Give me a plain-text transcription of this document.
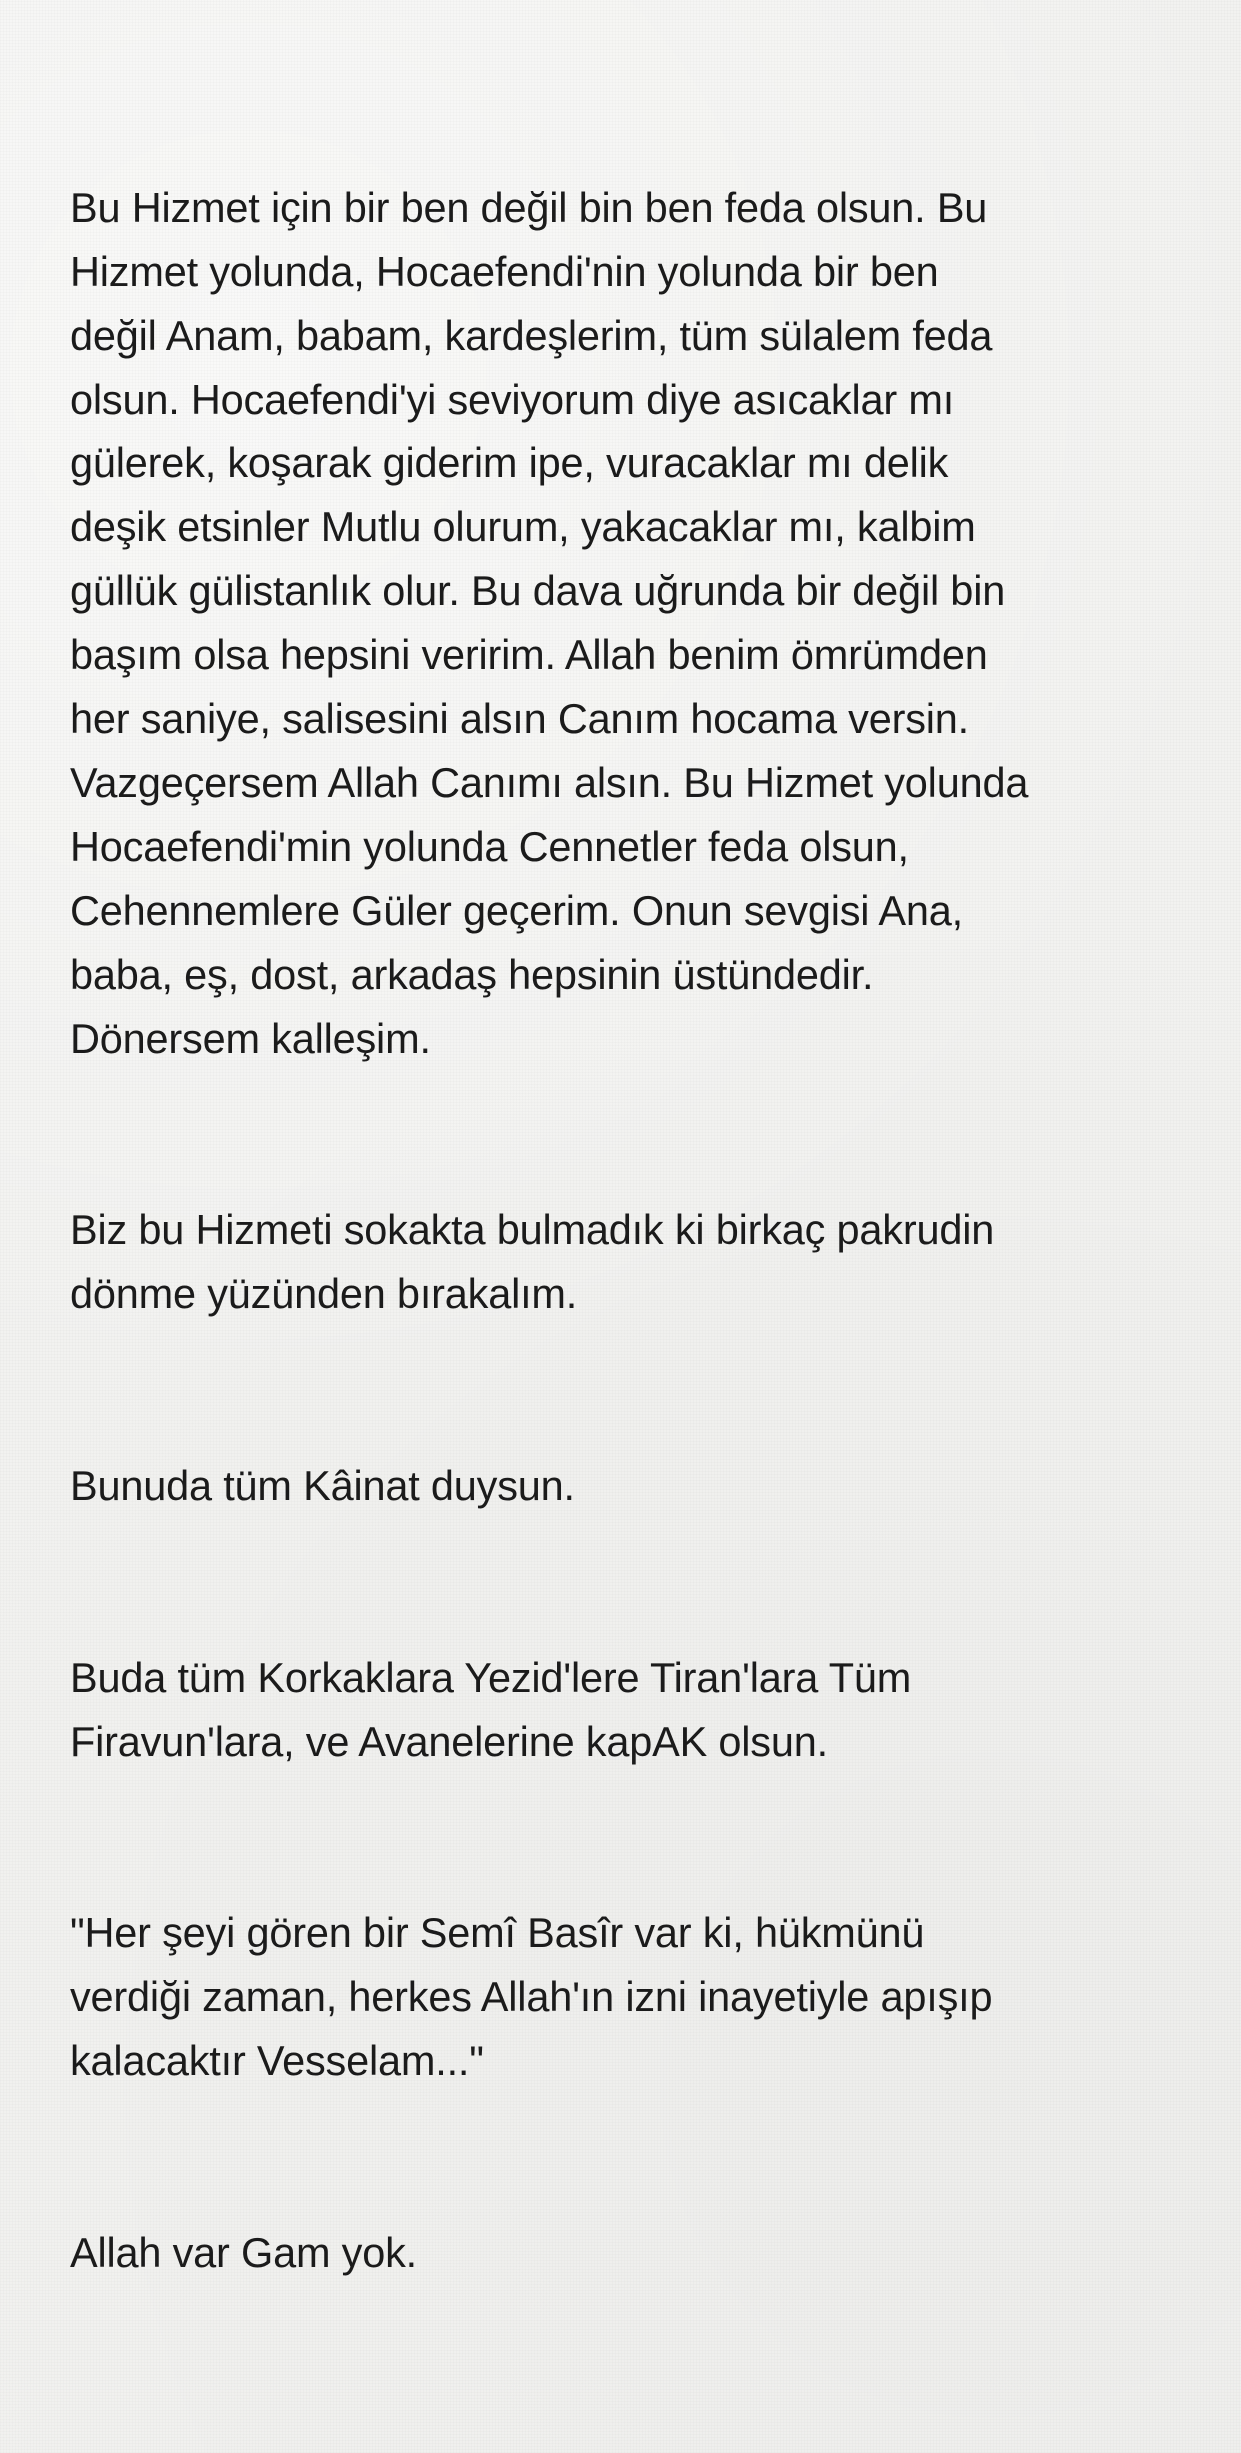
Bu Hizmet için bir ben değil bin ben feda olsun. Bu Hizmet yolunda, Hocaefendi'nin yolunda bir ben değil Anam, babam, kardeşlerim, tüm sülalem feda olsun. Hocaefendi'yi seviyorum diye asıcaklar mı gülerek, koşarak giderim ipe, vuracaklar mı delik deşik etsinler Mutlu olurum, yakacaklar mı, kalbim güllük gülistanlık olur. Bu dava uğrunda bir değil bin başım olsa hepsini veririm. Allah benim ömrümden her saniye, salisesini alsın Canım hocama versin. Vazgeçersem Allah Canımı alsın. Bu Hizmet yolunda Hocaefendi'min yolunda Cennetler feda olsun, Cehennemlere Güler geçerim. Onun sevgisi Ana, baba, eş, dost, arkadaş hepsinin üstündedir. Dönersem kalleşim.

Biz bu Hizmeti sokakta bulmadık ki birkaç pakrudin dönme yüzünden bırakalım.

Bunuda tüm Kâinat duysun.

Buda tüm Korkaklara Yezid'lere Tiran'lara Tüm Firavun'lara, ve Avanelerine kapAK olsun.

"Her şeyi gören bir Semî Basîr var ki, hükmünü verdiği zaman, herkes Allah'ın izni inayetiyle apışıp kalacaktır Vesselam..."

Allah var Gam yok.
